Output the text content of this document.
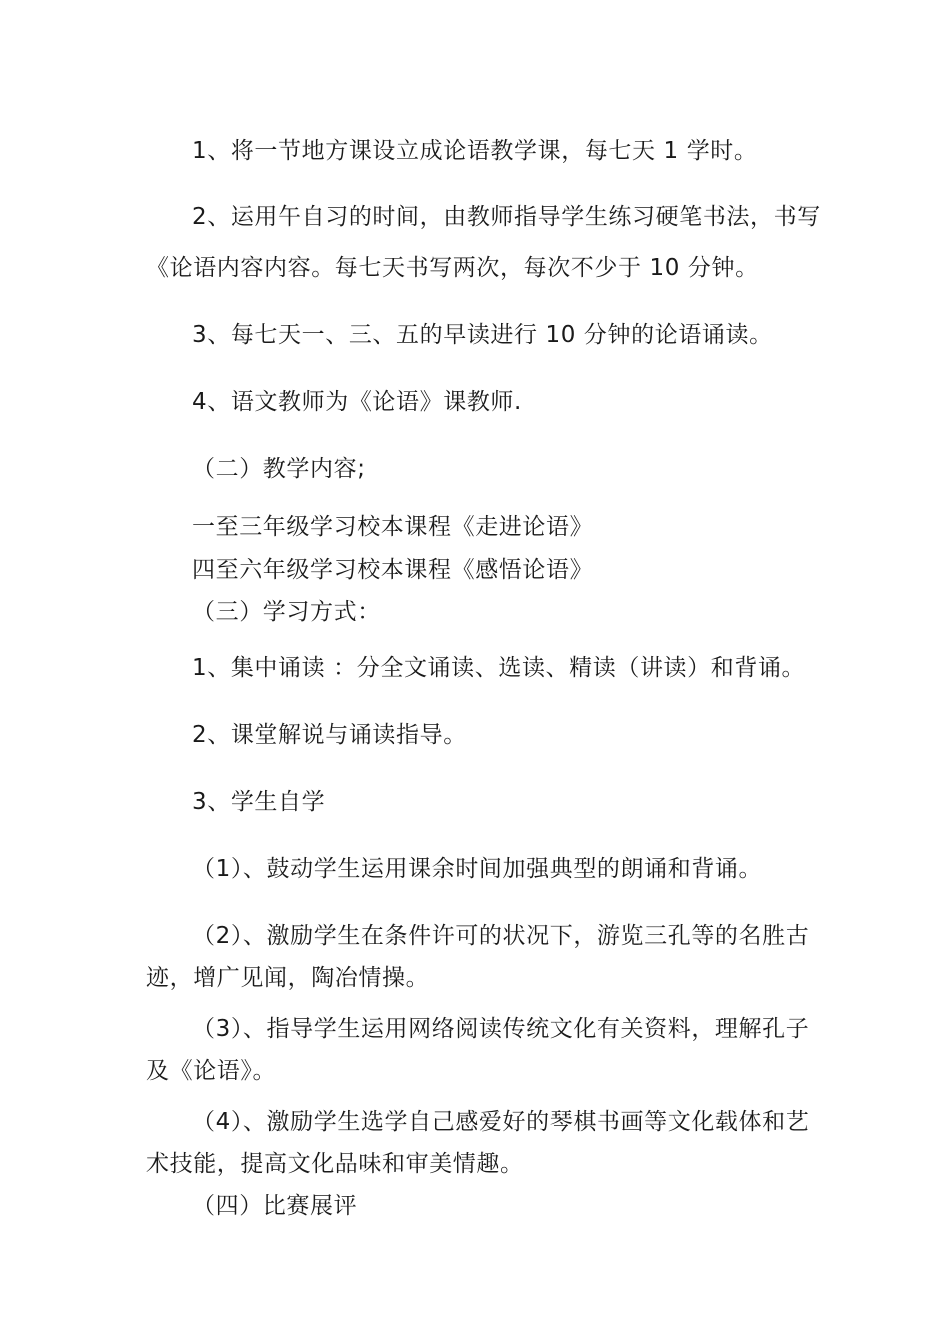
1、将一节地方课设立成论语教学课，每七天 1 学时。

2、运用午自习的时间，由教师指导学生练习硬笔书法，书写

《论语内容内容。每七天书写两次，每次不少于 10 分钟。

3、每七天一、三、五的早读进行 10 分钟的论语诵读。

4、语文教师为《论语》课教师.

（二）教学内容;

一至三年级学习校本课程《走进论语》

四至六年级学习校本课程《感悟论语》

（三）学习方式：

1、集中诵读 ：分全文诵读、选读、精读（讲读）和背诵。

2、课堂解说与诵读指导。

3、学生自学

（1）、鼓动学生运用课余时间加强典型的朗诵和背诵。

（2）、激励学生在条件许可的状况下，游览三孔等的名胜古

迹，增广见闻，陶冶情操。

（3）、指导学生运用网络阅读传统文化有关资料，理解孔子

及《论语》。

（4）、激励学生选学自己感爱好的琴棋书画等文化载体和艺

术技能，提高文化品味和审美情趣。

（四）比赛展评
